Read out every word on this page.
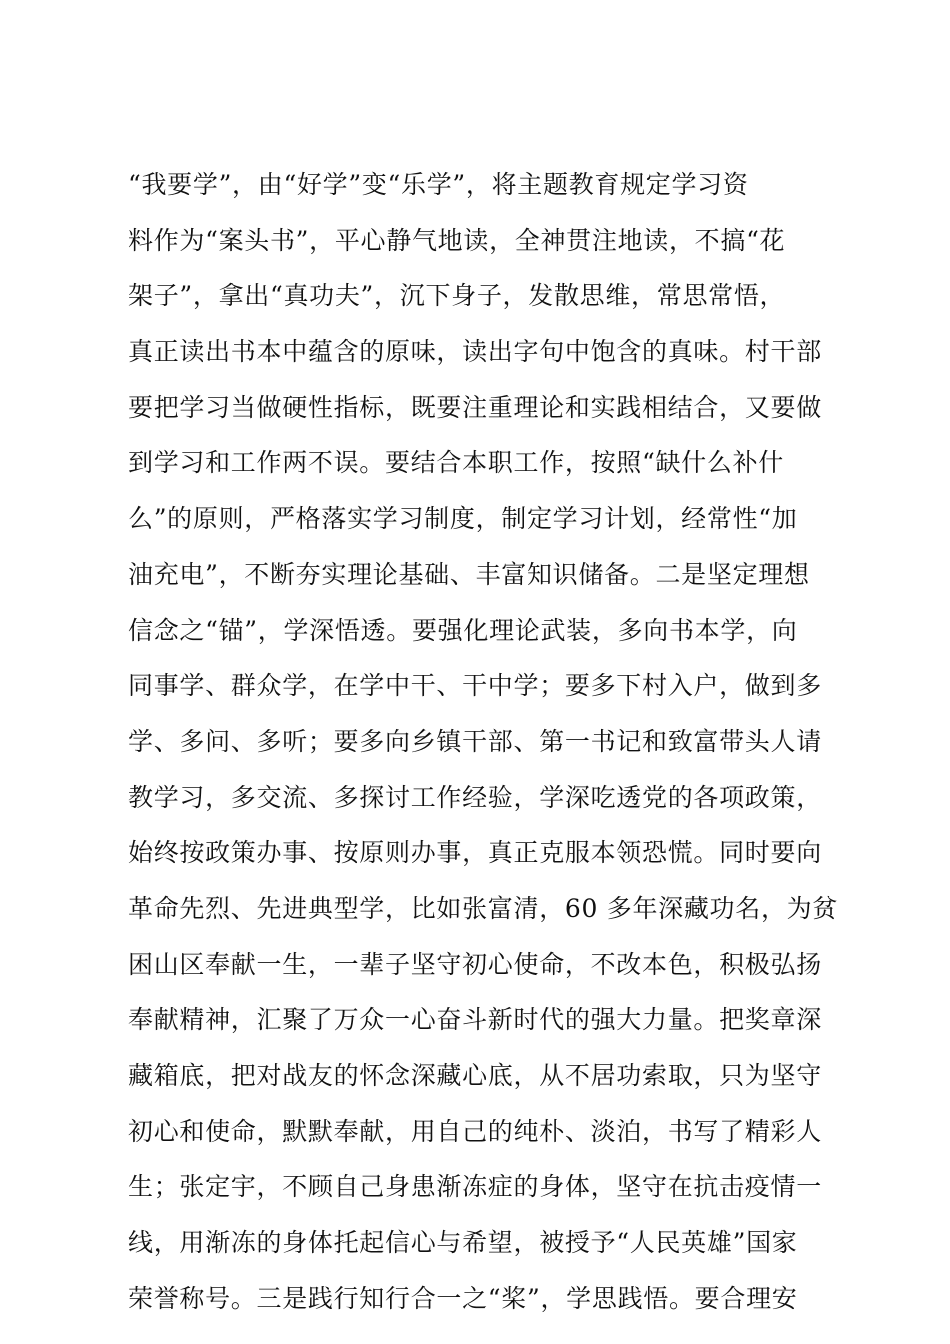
“我要学”，由“好学”变“乐学”，将主题教育规定学习资
料作为“案头书”，平心静气地读，全神贯注地读，不搞“花
架子”，拿出“真功夫”，沉下身子，发散思维，常思常悟，
真正读出书本中蕴含的原味，读出字句中饱含的真味。村干部
要把学习当做硬性指标，既要注重理论和实践相结合，又要做
到学习和工作两不误。要结合本职工作，按照“缺什么补什
么”的原则，严格落实学习制度，制定学习计划，经常性“加
油充电”，不断夯实理论基础、丰富知识储备。二是坚定理想
信念之“锚”，学深悟透。要强化理论武装，多向书本学，向
同事学、群众学，在学中干、干中学；要多下村入户，做到多
学、多问、多听；要多向乡镇干部、第一书记和致富带头人请
教学习，多交流、多探讨工作经验，学深吃透党的各项政策，
始终按政策办事、按原则办事，真正克服本领恐慌。同时要向
革命先烈、先进典型学，比如张富清，60 多年深藏功名，为贫
困山区奉献一生，一辈子坚守初心使命，不改本色，积极弘扬
奉献精神，汇聚了万众一心奋斗新时代的强大力量。把奖章深
藏箱底，把对战友的怀念深藏心底，从不居功索取，只为坚守
初心和使命，默默奉献，用自己的纯朴、淡泊，书写了精彩人
生；张定宇，不顾自己身患渐冻症的身体，坚守在抗击疫情一
线，用渐冻的身体托起信心与希望，被授予“人民英雄”国家
荣誉称号。三是践行知行合一之“桨”，学思践悟。要合理安
